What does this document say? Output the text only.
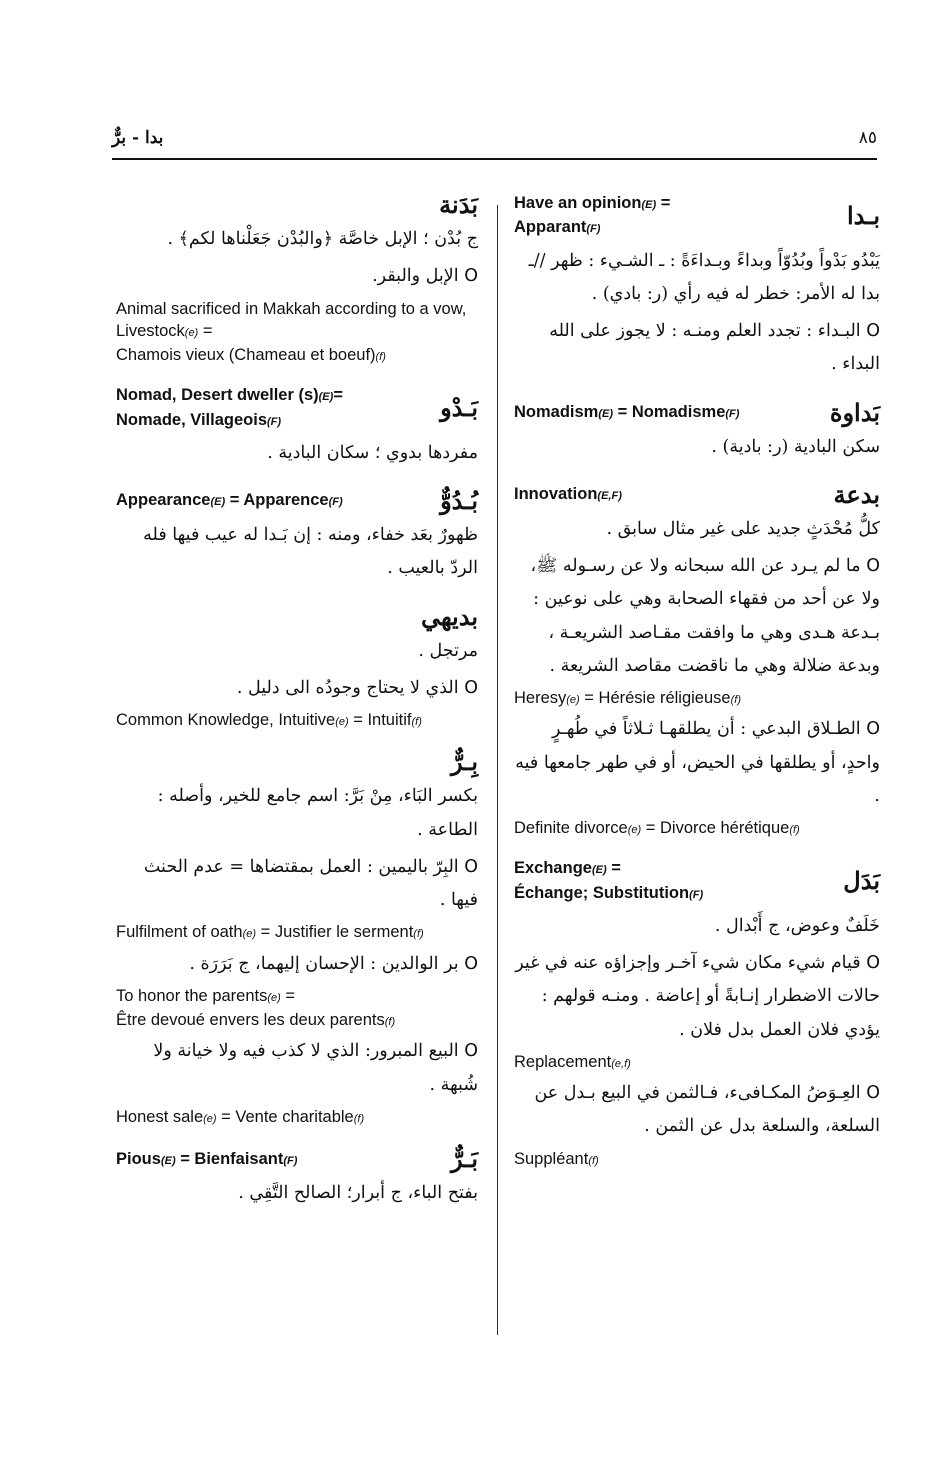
بدا - برٌّ	٨٥
Have an opinion(E) =
Apparant(F)	بـدا
يَبْدُو بَدْواً وبُدُوّاً وبداءً وبـداءَةً : ـ الشـيء : ظهر //ـ بدا له الأمر: خطر له فيه رأي (ر: بادي) .
O البـداء : تجدد العلم ومنـه : لا يجوز على الله البداء .
Nomadism(E) = Nomadisme(F)	بَداوة
سكن البادية (ر: بادية) .
Innovation(E,F)	بدعة
كلُّ مُحْدَثٍ جديد على غير مثال سابق .
O ما لم يـرد عن الله سبحانه ولا عن رسـوله ﷺ، ولا عن أحد من فقهاء الصحابة وهي على نوعين : بـدعة هـدى وهي ما وافقت مقـاصد الشريعـة ، وبدعة ضلالة وهي ما ناقضت مقاصد الشريعة .
Heresy(e) = Hérésie réligieuse(f)
O الطـلاق البدعي : أن يطلقهـا ثـلاثاً في طُهـرٍ واحدٍ، أو يطلقها في الحيض، أو في طهر جامعها فيه .
Definite divorce(e) = Divorce hérétique(f)
Exchange(E) =
Échange; Substitution(F)	بَدَل
خَلَفٌ وعوض، ج أَبْدال .
O قيام شيء مكان شيء آخـر وإجزاؤه عنه في غير حالات الاضطرار إنـابةً أو إعاضة . ومنـه قولهم : يؤدي فلان العمل بدل فلان .
Replacement(e,f)
O العِـوَضُ المكـافىء، فـالثمن في البيع بـدل عن السلعة، والسلعة بدل عن الثمن .
Suppléant(f)
بَدَنة
ج بُدْن ؛ الإبل خاصَّة ﴿والبُدْن جَعَلْناها لكم﴾ .
O الإبل والبقر.
Animal sacrificed in Makkah according to a vow, Livestock(e) =
Chamois vieux (Chameau et boeuf)(f)
Nomad, Desert dweller (s)(E)=
Nomade, Villageois(F)	بَـدْو
مفردها بدوي ؛ سكان البادية .
Appearance(E) = Apparence(F)	بُـدُوٌّ
ظهورٌ بعَد خفاء، ومنه : إن بَـدا له عيب فيها فله الردّ بالعيب .
بديهي
مرتجل .
O الذي لا يحتاج وجودُه الى دليل .
Common Knowledge, Intuitive(e) = Intuitif(f)
بِـرٌّ
بكسر البَاء، مِنْ بَرَّ: اسم جامع للخير، وأصله : الطاعة .
O البِرّ باليمين : العمل بمقتضاها = عدم الحنث فيها .
Fulfilment of oath(e) = Justifier le serment(f)
O بر الوالدين : الإحسان إليهما، ج بَرَرَة .
To honor the parents(e) =
Être devoué envers les deux parents(f)
O البيع المبرور: الذي لا كذب فيه ولا خيانة ولا شُبهة .
Honest sale(e) = Vente charitable(f)
Pious(E) = Bienfaisant(F)	بَـرٌّ
بفتح الباء، ج أبرار؛ الصالح التَّقِي .
